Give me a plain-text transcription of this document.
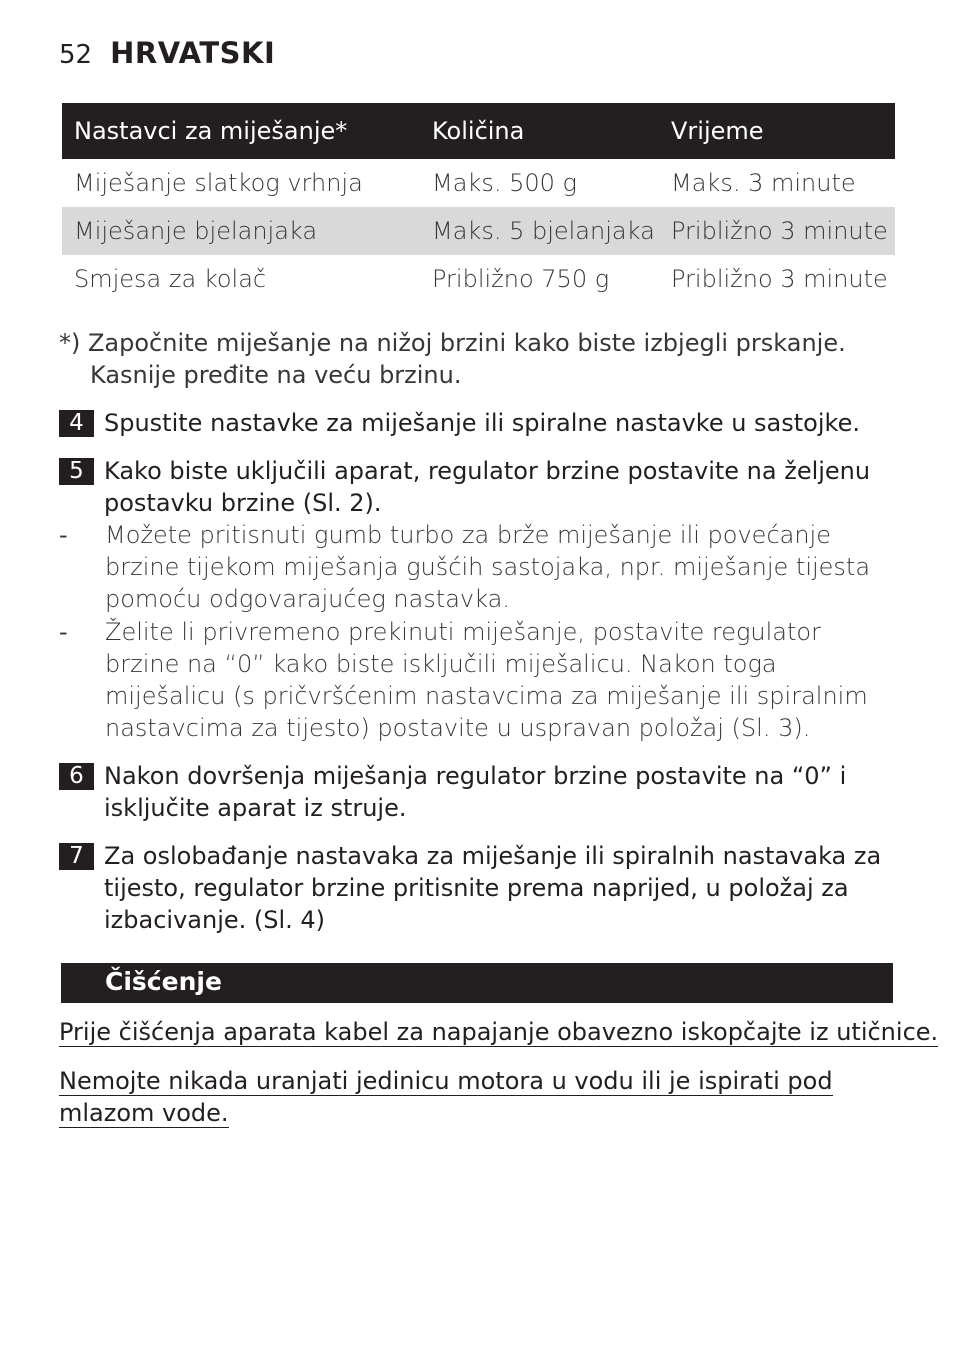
52 HRVATSKI
Nastavci za miješanje*	Količina	Vrijeme
Miješanje slatkog vrhnja	Maks. 500 g	Maks. 3 minute
Miješanje bjelanjaka	Maks. 5 bjelanjaka	Približno 3 minute
Smjesa za kolač	Približno 750 g	Približno 3 minute
*) Započnite miješanje na nižoj brzini kako biste izbjegli prskanje.
Kasnije pređite na veću brzinu.
4 Spustite nastavke za miješanje ili spiralne nastavke u sastojke.
5 Kako biste uključili aparat, regulator brzine postavite na željenu postavku brzine (Sl. 2).
-	Možete pritisnuti gumb turbo za brže miješanje ili povećanje brzine tijekom miješanja gušćih sastojaka, npr. miješanje tijesta pomoću odgovarajućeg nastavka.
-	Želite li privremeno prekinuti miješanje, postavite regulator brzine na “0” kako biste isključili miješalicu. Nakon toga miješalicu (s pričvršćenim nastavcima za miješanje ili spiralnim nastavcima za tijesto) postavite u uspravan položaj (Sl. 3).
6 Nakon dovršenja miješanja regulator brzine postavite na “0” i isključite aparat iz struje.
7 Za oslobađanje nastavaka za miješanje ili spiralnih nastavaka za tijesto, regulator brzine pritisnite prema naprijed, u položaj za izbacivanje. (Sl. 4)
Čišćenje
Prije čišćenja aparata kabel za napajanje obavezno iskopčajte iz utičnice.
Nemojte nikada uranjati jedinicu motora u vodu ili je ispirati pod
mlazom vode.
